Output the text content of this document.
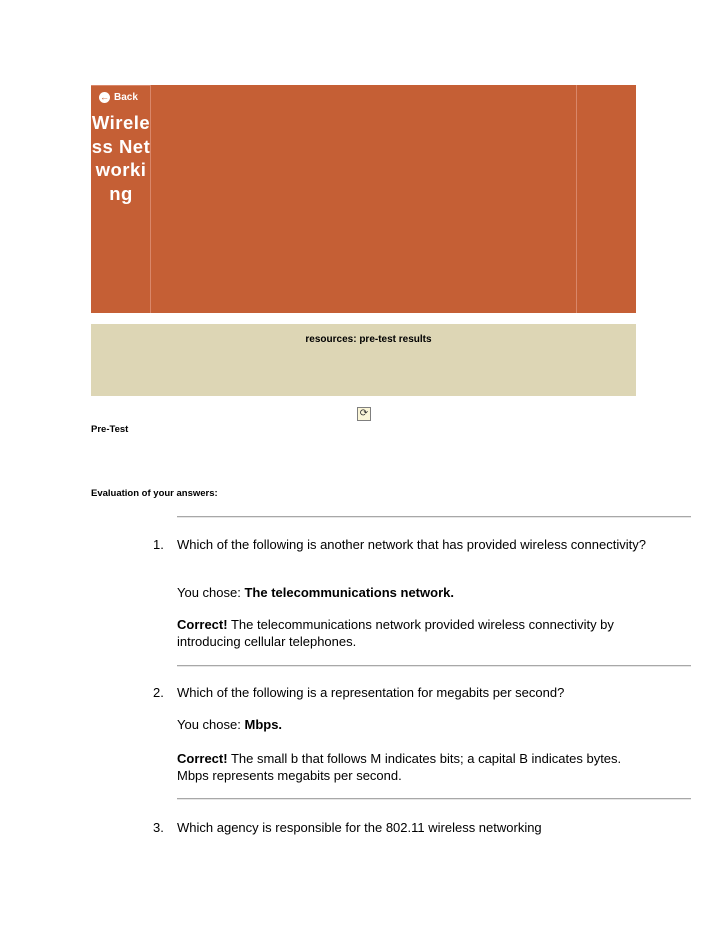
← Back
Wireless Networking
resources: pre-test results
⟳
Pre-Test
Evaluation of your answers:
1. Which of the following is another network that has provided wireless connectivity?
You chose: The telecommunications network.
Correct! The telecommunications network provided wireless connectivity by introducing cellular telephones.
2. Which of the following is a representation for megabits per second?
You chose: Mbps.
Correct! The small b that follows M indicates bits; a capital B indicates bytes. Mbps represents megabits per second.
3. Which agency is responsible for the 802.11 wireless networking
